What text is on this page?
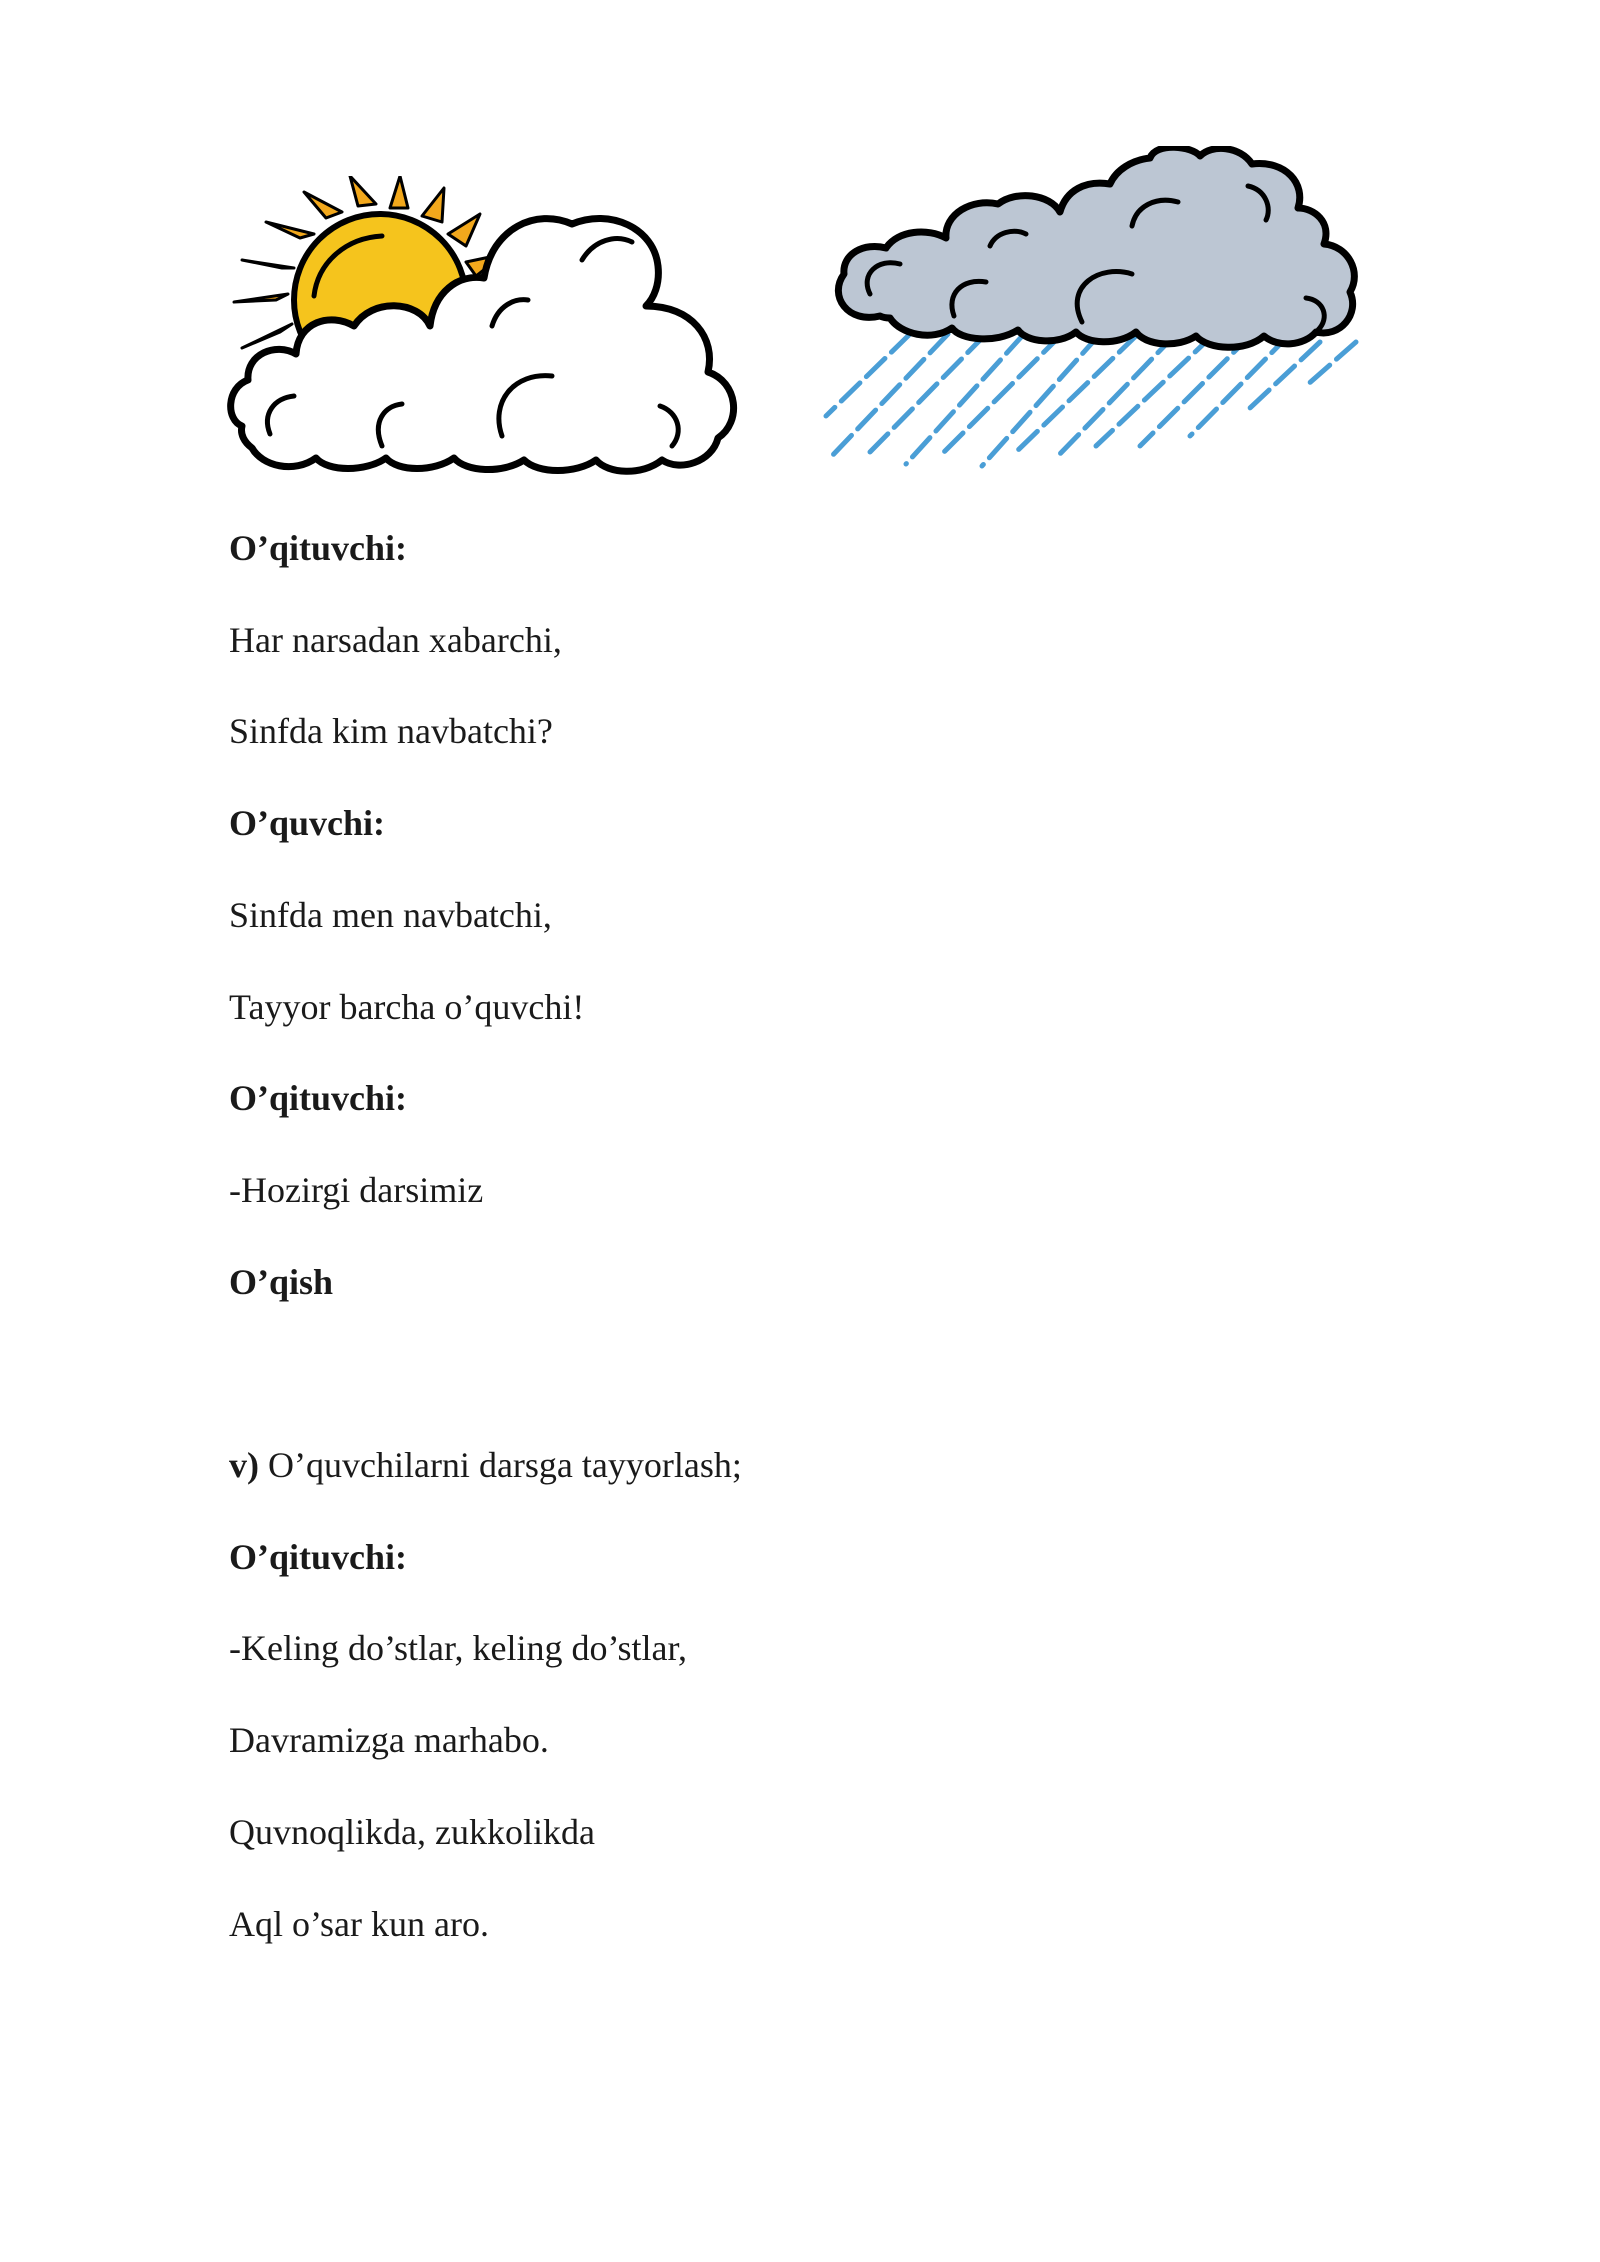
O’qituvchi:
Har narsadan xabarchi,
Sinfda kim navbatchi?
O’quvchi:
Sinfda men navbatchi,
Tayyor barcha o’quvchi!
O’qituvchi:
-Hozirgi darsimiz
O’qish
v) O’quvchilarni darsga tayyorlash;
O’qituvchi:
-Keling do’stlar, keling do’stlar,
Davramizga marhabo.
Quvnoqlikda, zukkolikda
Aql o’sar kun aro.
